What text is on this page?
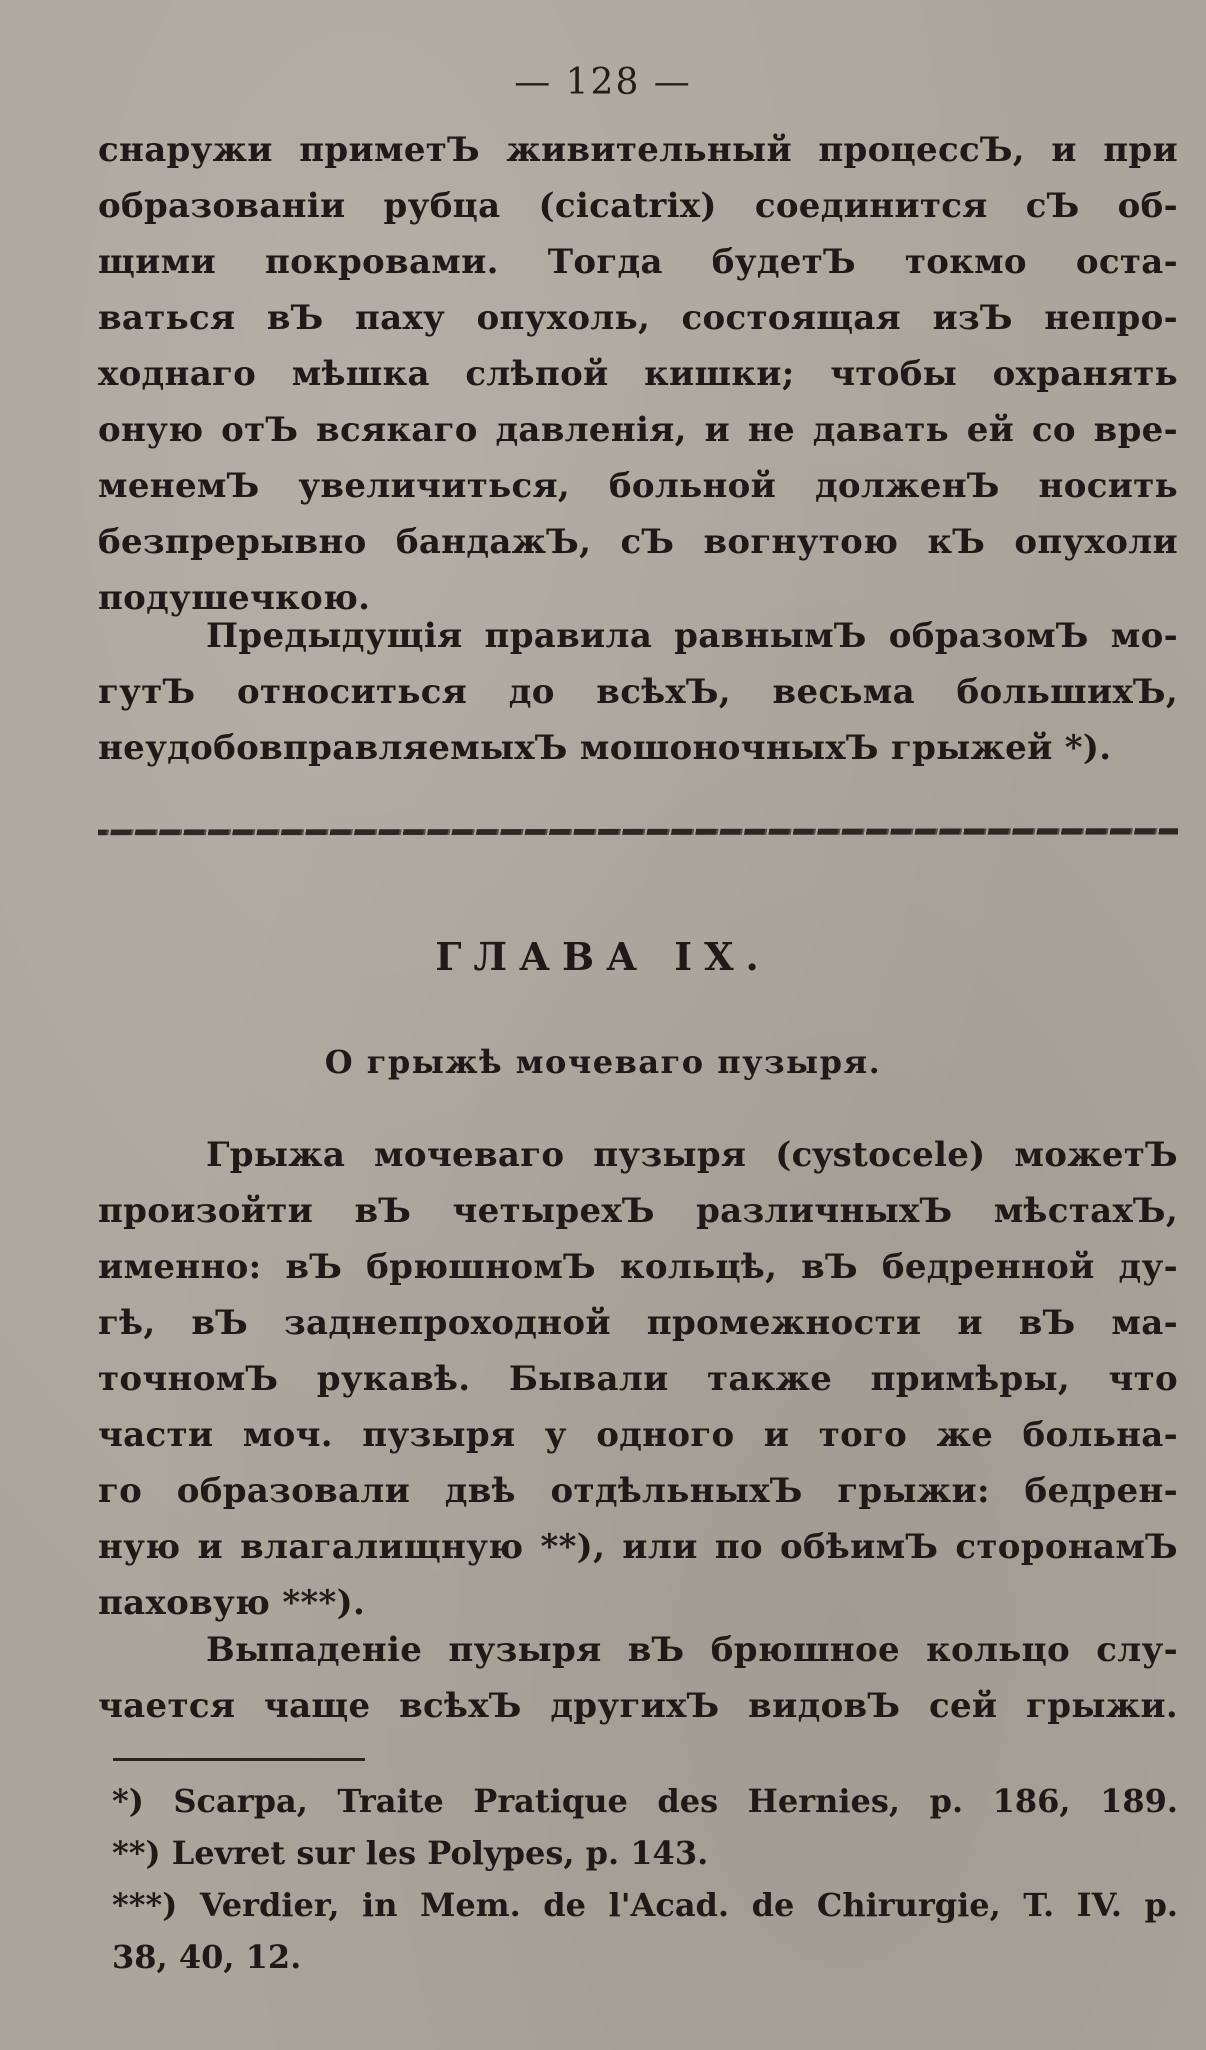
— 128 —
снаружи приметЪ живительный процессЪ, и при
образованіи рубца (cicatrix) соединится сЪ об-
щими покровами. Тогда будетЪ токмо оста-
ваться вЪ паху опухоль, состоящая изЪ непро-
ходнаго мѣшка слѣпой кишки; чтобы охранять
оную отЪ всякаго давленія, и не давать ей со вре-
менемЪ увеличиться, больной долженЪ носить
безпрерывно бандажЪ, сЪ вогнутою кЪ опухоли
подушечкою.
Предыдущія правила равнымЪ образомЪ мо-
гутЪ относиться до всѣхЪ, весьма большихЪ,
неудобовправляемыхЪ мошоночныхЪ грыжей *).
ГЛАВА IX.
О грыжѣ мочеваго пузыря.
Грыжа мочеваго пузыря (cystocele) можетЪ
произойти вЪ четырехЪ различныхЪ мѣстахЪ,
именно: вЪ брюшномЪ кольцѣ, вЪ бедренной ду-
гѣ, вЪ заднепроходной промежности и вЪ ма-
точномЪ рукавѣ. Бывали также примѣры, что
части моч. пузыря у одного и того же больна-
го образовали двѣ отдѣльныхЪ грыжи: бедрен-
ную и влагалищную **), или по обѣимЪ сторонамЪ
паховую ***).
Выпаденіе пузыря вЪ брюшное кольцо слу-
чается чаще всѣхЪ другихЪ видовЪ сей грыжи.
*) Scarpa, Traite Pratique des Hernies, p. 186, 189.
**) Levret sur les Polypes, p. 143.
***) Verdier, in Mem. de l'Acad. de Chirurgie, T. IV. p.
38, 40, 12.
